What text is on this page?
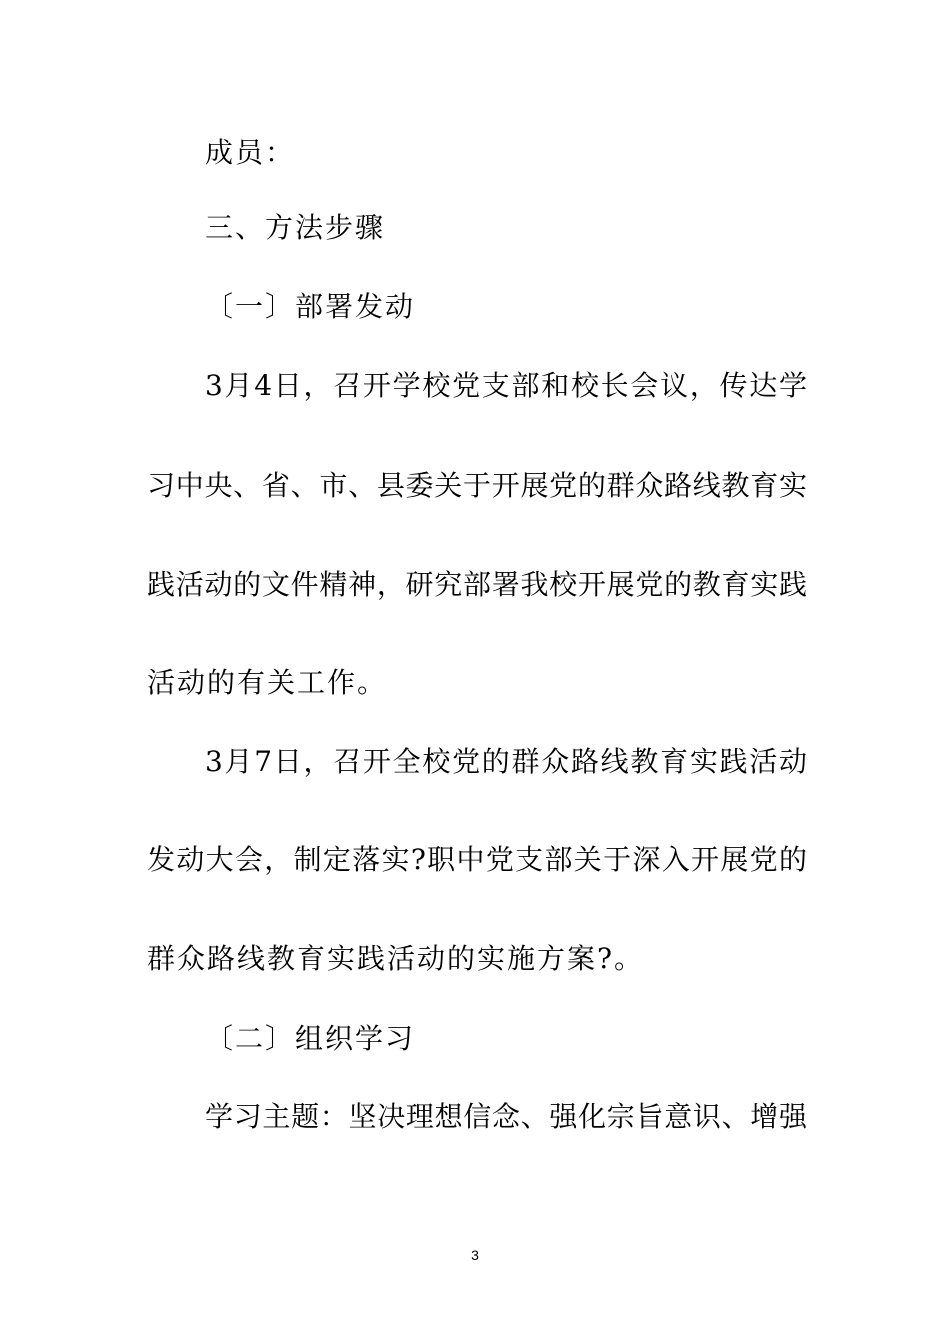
成员：
三、方法步骤
〔一〕部署发动
3月4日，召开学校党支部和校长会议，传达学
习中央、省、市、县委关于开展党的群众路线教育实
践活动的文件精神，研究部署我校开展党的教育实践
活动的有关工作。
3月7日，召开全校党的群众路线教育实践活动
发动大会，制定落实?职中党支部关于深入开展党的
群众路线教育实践活动的实施方案?。
〔二〕组织学习
学习主题：坚决理想信念、强化宗旨意识、增强
3
